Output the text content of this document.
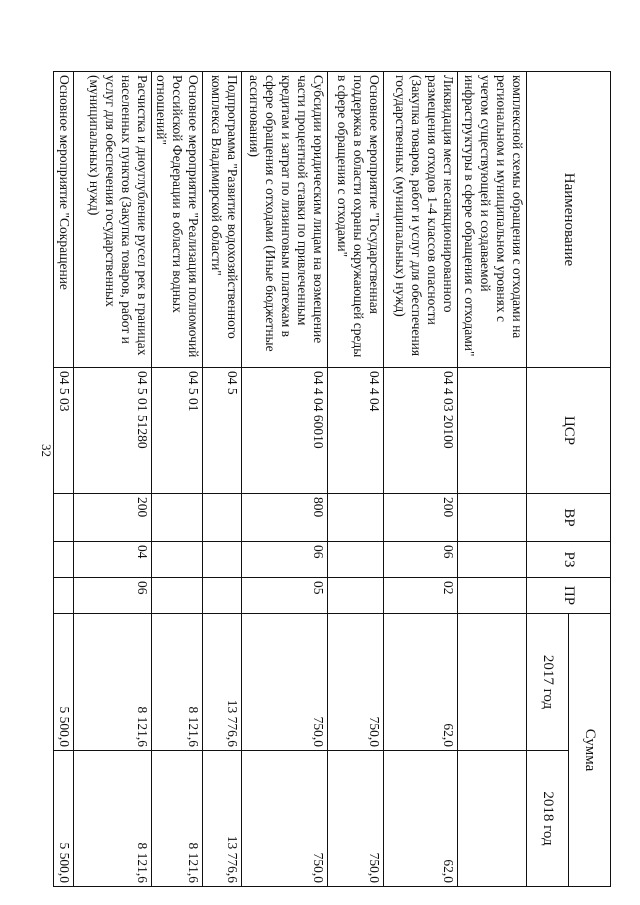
32
Наименование	ЦСР	ВР	РЗ	ПР	Сумма	
					2017 год	2018 год
комплексной схемы обращения с отходами на региональном и муниципальном уровнях с учетом существующей и создаваемой инфраструктуры в сфере обращения с отходами"						
Ликвидация мест несанкционированного размещения отходов 1-4 классов опасности (Закупка товаров, работ и услуг для обеспечения государственных (муниципальных) нужд)	04 4 03 20100	200	06	02	62,0	62,0
Основное мероприятие "Государственная поддержка в области охраны окружающей среды в сфере обращения с отходами"	04 4 04				750,0	750,0
Субсидии юридическим лицам на возмещение части процентной ставки по привлеченным кредитам и затрат по лизинговым платежам в сфере обращения с отходами (Иные бюджетные ассигнования)	04 4 04 60010	800	06	05	750,0	750,0
Подпрограмма "Развитие водохозяйственного комплекса Владимирской области"	04 5				13 776,6	13 776,6
Основное мероприятие "Реализация полномочий Российской Федерации в области водных отношений"	04 5 01				8 121,6	8 121,6
Расчистка и дноуглубление русел рек в границах населенных пунктов (Закупка товаров, работ и услуг для обеспечения государственных (муниципальных) нужд)	04 5 01 51280	200	04	06	8 121,6	8 121,6
Основное мероприятие "Сокращение	04 5 03				5 500,0	5 500,0
